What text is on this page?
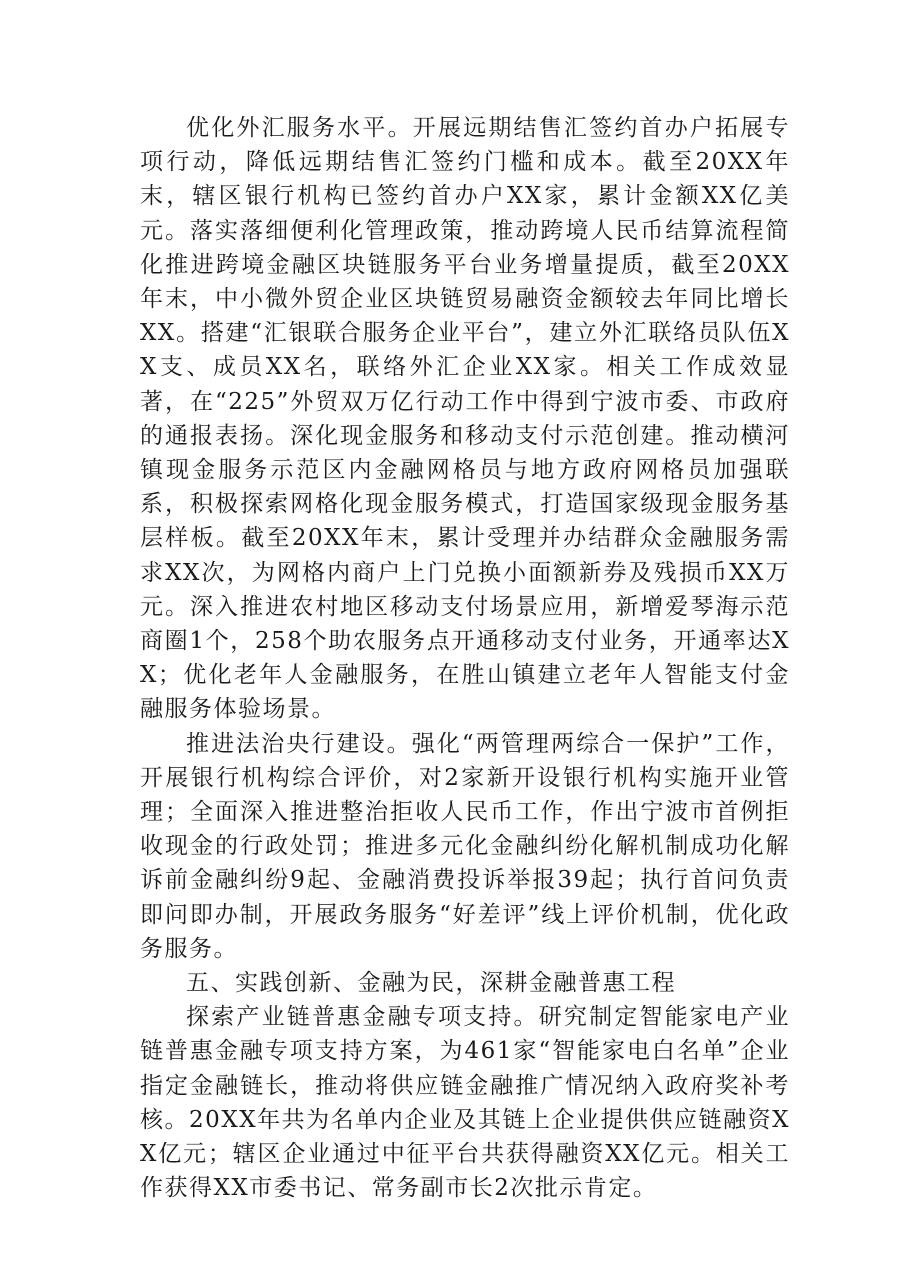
优化外汇服务水平。开展远期结售汇签约首办户拓展专项行动，降低远期结售汇签约门槛和成本。截至20XX年末，辖区银行机构已签约首办户XX家，累计金额XX亿美元。落实落细便利化管理政策，推动跨境人民币结算流程简化推进跨境金融区块链服务平台业务增量提质，截至20XX年末，中小微外贸企业区块链贸易融资金额较去年同比增长XX。搭建“汇银联合服务企业平台”，建立外汇联络员队伍XX支、成员XX名，联络外汇企业XX家。相关工作成效显著，在“225”外贸双万亿行动工作中得到宁波市委、市政府的通报表扬。深化现金服务和移动支付示范创建。推动横河镇现金服务示范区内金融网格员与地方政府网格员加强联系，积极探索网格化现金服务模式，打造国家级现金服务基层样板。截至20XX年末，累计受理并办结群众金融服务需求XX次，为网格内商户上门兑换小面额新券及残损币XX万元。深入推进农村地区移动支付场景应用，新增爱琴海示范商圈1个，258个助农服务点开通移动支付业务，开通率达XX；优化老年人金融服务，在胜山镇建立老年人智能支付金融服务体验场景。

推进法治央行建设。强化“两管理两综合一保护”工作，开展银行机构综合评价，对2家新开设银行机构实施开业管理；全面深入推进整治拒收人民币工作，作出宁波市首例拒收现金的行政处罚；推进多元化金融纠纷化解机制成功化解诉前金融纠纷9起、金融消费投诉举报39起；执行首问负责即问即办制，开展政务服务“好差评”线上评价机制，优化政务服务。

五、实践创新、金融为民，深耕金融普惠工程

探索产业链普惠金融专项支持。研究制定智能家电产业链普惠金融专项支持方案，为461家“智能家电白名单”企业指定金融链长，推动将供应链金融推广情况纳入政府奖补考核。20XX年共为名单内企业及其链上企业提供供应链融资XX亿元；辖区企业通过中征平台共获得融资XX亿元。相关工作获得XX市委书记、常务副市长2次批示肯定。
